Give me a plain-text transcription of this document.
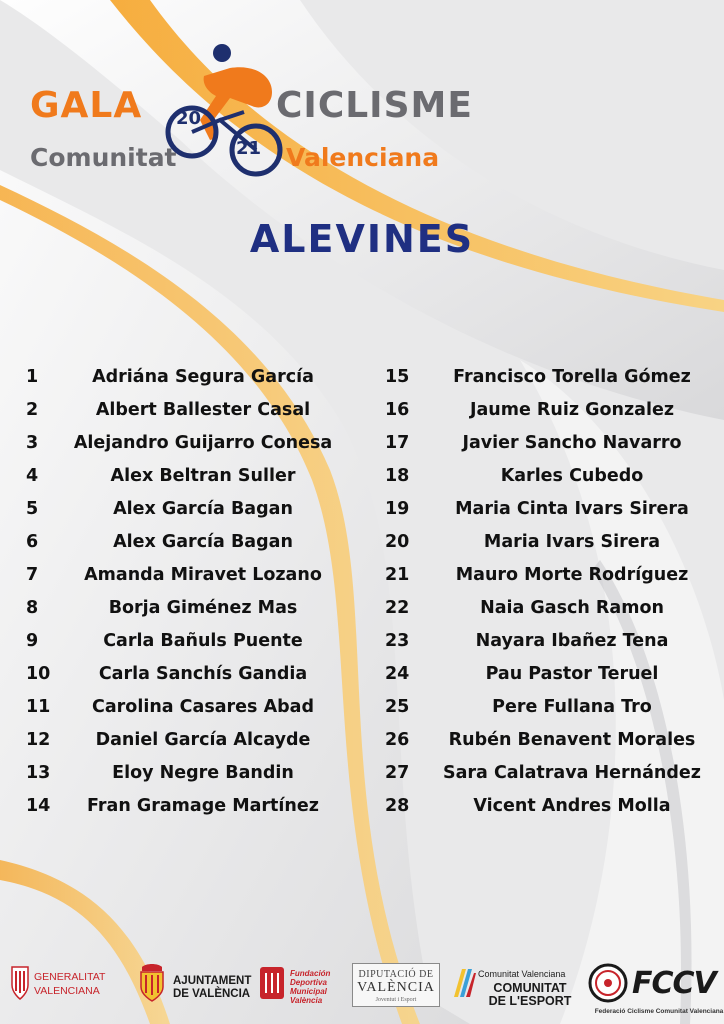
GALA	CICLISME
20
21
Comunitat	Valenciana
ALEVINES
1	Adriána Segura García
2	Albert Ballester Casal
3	Alejandro Guijarro Conesa
4	Alex Beltran Suller
5	Alex García Bagan
6	Alex García Bagan
7	Amanda Miravet Lozano
8	Borja Giménez Mas
9	Carla Bañuls Puente
10	Carla Sanchís Gandia
11	Carolina Casares Abad
12	Daniel García Alcayde
13	Eloy Negre Bandin
14	Fran Gramage Martínez
15	Francisco Torella Gómez
16	Jaume Ruiz Gonzalez
17	Javier Sancho Navarro
18	Karles Cubedo
19	Maria Cinta Ivars Sirera
20	Maria Ivars Sirera
21	Mauro Morte Rodríguez
22	Naia Gasch Ramon
23	Nayara Ibañez Tena
24	Pau Pastor Teruel
25	Pere Fullana Tro
26	Rubén Benavent Morales
27	Sara Calatrava Hernández
28	Vicent Andres Molla
GENERALITAT
VALENCIANA
AJUNTAMENT
DE VALÈNCIA
Fundación
Deportiva
Municipal
València
DIPUTACIÓ DE
VALÈNCIA
Joventut i Esport
Comunitat Valenciana
COMUNITAT
DE L'ESPORT	FCCV
Federació Ciclisme Comunitat Valenciana
